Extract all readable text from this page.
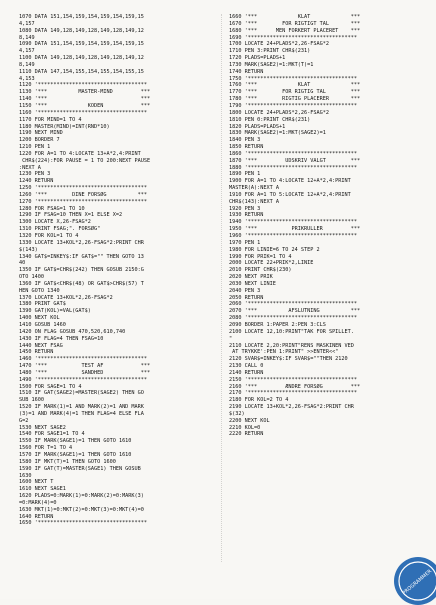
1070 DATA 151,154,159,154,159,154,159,15
4,157
1080 DATA 149,128,149,128,149,128,149,12
8,149
1090 DATA 151,154,159,154,159,154,159,15
4,157
1100 DATA 149,128,149,128,149,128,149,12
8,149
1110 DATA 147,154,155,154,155,154,155,15
4,153
1120 '***********************************
1130 '***          MASTER-MIND         ***
1140 '***                              ***
1150 '***             KODEN            ***
1160 '***********************************
1170 FOR MIND=1 TO 4
1180 MASTER(MIND)=INT(RND*10)
1190 NEXT MIND
1200 BORDER 7
1210 PEN 1
1220 FOR A=1 TO 4:LOCATE 13+A*2,4:PRINT
CHR$(224):FOR PAUSE = 1 TO 200:NEXT PAUSE
:NEXT A
1230 PEN 3
1240 RETURN
1250 '***********************************
1260 '***        DINE FORSØG          ***
1270 '***********************************
1280 FOR FSAG=1 TO 10
1290 IF FSAG=10 THEN X=1 ELSE X=2
1300 LOCATE X,26-FSAG*2
1310 PRINT FSAG;". FORSØG"
1320 FOR KOL=1 TO 4
1330 LOCATE 13+KOL*2,26-FSAG*2:PRINT CHR
$(143)
1340 GAT$=INKEY$:IF GAT$="" THEN GOTO 13
40
1350 IF GAT$=CHR$(242) THEN GOSUB 2150:G
OTO 1400
1360 IF GAT$<CHR$(48) OR GAT$>CHR$(57) T
HEN GOTO 1340
1370 LOCATE 13+KOL*2,26-FSAG*2
1380 PRINT GAT$
1390 GAT(KOL)=VAL(GAT$)
1400 NEXT KOL
1410 GOSUB 1460
1420 ON FLAG GOSUB 470,520,610,740
1430 IF FLAG=4 THEN FSAG=10
1440 NEXT FSAG
1450 RETURN
1460 '***********************************
1470 '***           TEST AF            ***
1480 '***           SANDHED            ***
1490 '***********************************
1500 FOR SAGE=1 TO 4
1510 IF GAT(SAGE2)=MASTER(SAGE2) THEN GO
SUB 1600
1520 IF MARK(1)=1 AND MARK(2)=1 AND MARK
(3)=1 AND MARK(4)=1 THEN FLAG=4 ELSE FLA
G=2
1530 NEXT SAGE2
1540 FOR SAGE1=1 TO 4
1550 IF MARK(SAGE1)=1 THEN GOTO 1610
1560 FOR T=1 TO 4
1570 IF MARK(SAGE1)=1 THEN GOTO 1610
1580 IF MKT(T)=1 THEN GOTO 1600
1590 IF GAT(T)=MASTER(SAGE1) THEN GOSUB
1630
1600 NEXT T
1610 NEXT SAGE1
1620 PLADS=0:MARK(1)=0:MARK(2)=0:MARK(3)
=0:MARK(4)=0
1630 MKT(1)=0:MKT(2)=0:MKT(3)=0:MKT(4)=0
1640 RETURN
1650 '***********************************
1660 '***             KLAT             ***
1670 '***        FOR RIGTIGT TAL       ***
1680 '***      MEN FORKERT PLACERET    ***
1690 '***********************************
1700 LOCATE 24+PLADS*2,26-FSAG*2
1710 PEN 3:PRINT CHR$(231)
1720 PLADS=PLADS+1
1730 MARK(SAGE2)=1:MKT(T)=1
1740 RETURN
1750 '***********************************
1760 '***             KLAT             ***
1770 '***        FOR RIGTIG TAL        ***
1780 '***        RIGTIG PLACERER       ***
1790 '***********************************
1800 LOCATE 24+PLADS*2,26-FSAG*2
1810 PEN 0:PRINT CHR$(231)
1820 PLADS=PLADS+1
1830 MARK(SAGE2)=1:MKT(SAGE2)=1
1840 PEN 3
1850 RETURN
1860 '***********************************
1870 '***         UDSKRIV VALGT        ***
1880 '***********************************
1890 PEN 1
1900 FOR A=1 TO 4:LOCATE 12+A*2,4:PRINT
MASTER(A):NEXT A
1910 FOR A=1 TO 5:LOCATE 12+A*2,4:PRINT
CHR$(143):NEXT A
1920 PEN 3
1930 RETURN
1940 '***********************************
1950 '***           PRIKRULLER         ***
1960 '***********************************
1970 PEN 1
1980 FOR LINIE=6 TO 24 STEP 2
1990 FOR PRIK=1 TO 4
2000 LOCATE 22+PRIK*2,LINIE
2010 PRINT CHR$(230)
2020 NEXT PRIK
2030 NEXT LINIE
2040 PEN 3
2050 RETURN
2060 '***********************************
2070 '***          AFSLUTNING          ***
2080 '***********************************
2090 BORDER 1:PAPER 2:PEN 3:CLS
2100 LOCATE 12,10:PRINT"TAK FOR SPILLET.
"
2110 LOCATE 2,20:PRINT"RENS MASKINEN VED
AT TRYKKE':PEN 1:PRINT" >>ENTER<<"
2120 SVAR$=INKEY$:IF SVAR$=""THEN 2120
2130 CALL 0
2140 RETURN
2150 '***********************************
2160 '***         ÆNDRE FORSØG         ***
2170 '***********************************
2180 FOR KOL=2 TO 4
2190 LOCATE 13+KOL*2,26-FSAG*2:PRINT CHR
$(32)
2200 NEXT KOL
2210 KOL=0
2220 RETURN
PROGRAMMER
